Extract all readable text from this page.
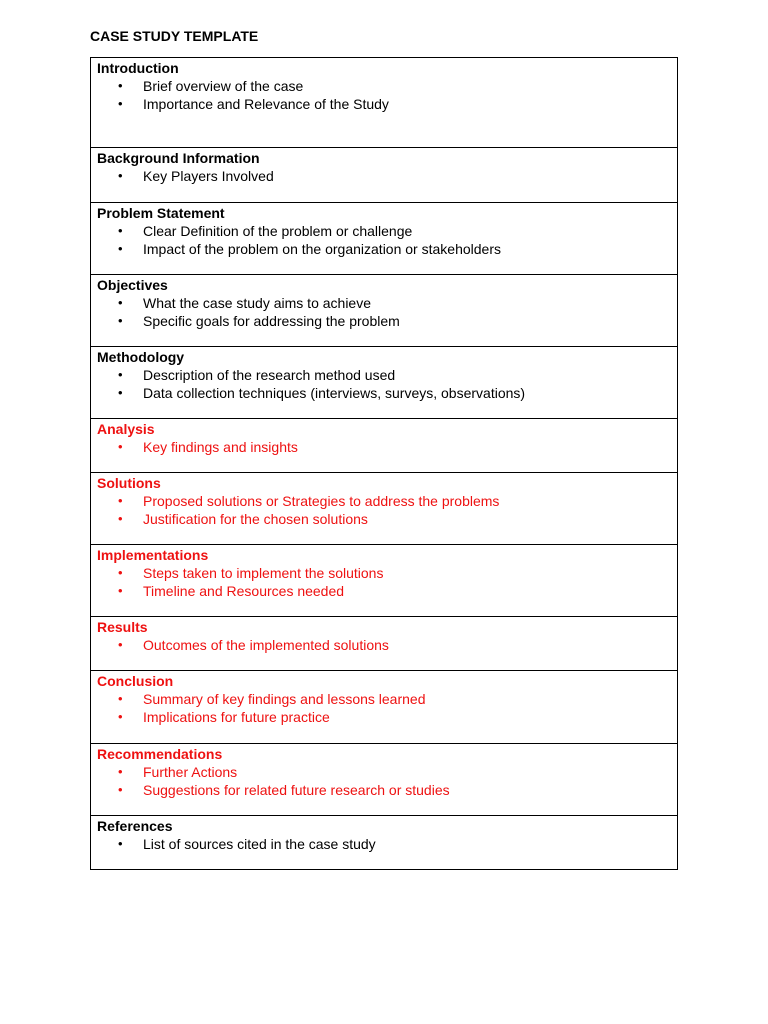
CASE STUDY TEMPLATE
Introduction
• Brief overview of the case
• Importance and Relevance of the Study
Background Information
• Key Players Involved
Problem Statement
• Clear Definition of the problem or challenge
• Impact of the problem on the organization or stakeholders
Objectives
• What the case study aims to achieve
• Specific goals for addressing the problem
Methodology
• Description of the research method used
• Data collection techniques (interviews, surveys, observations)
Analysis
• Key findings and insights
Solutions
• Proposed solutions or Strategies to address the problems
• Justification for the chosen solutions
Implementations
• Steps taken to implement the solutions
• Timeline and Resources needed
Results
• Outcomes of the implemented solutions
Conclusion
• Summary of key findings and lessons learned
• Implications for future practice
Recommendations
• Further Actions
• Suggestions for related future research or studies
References
• List of sources cited in the case study
